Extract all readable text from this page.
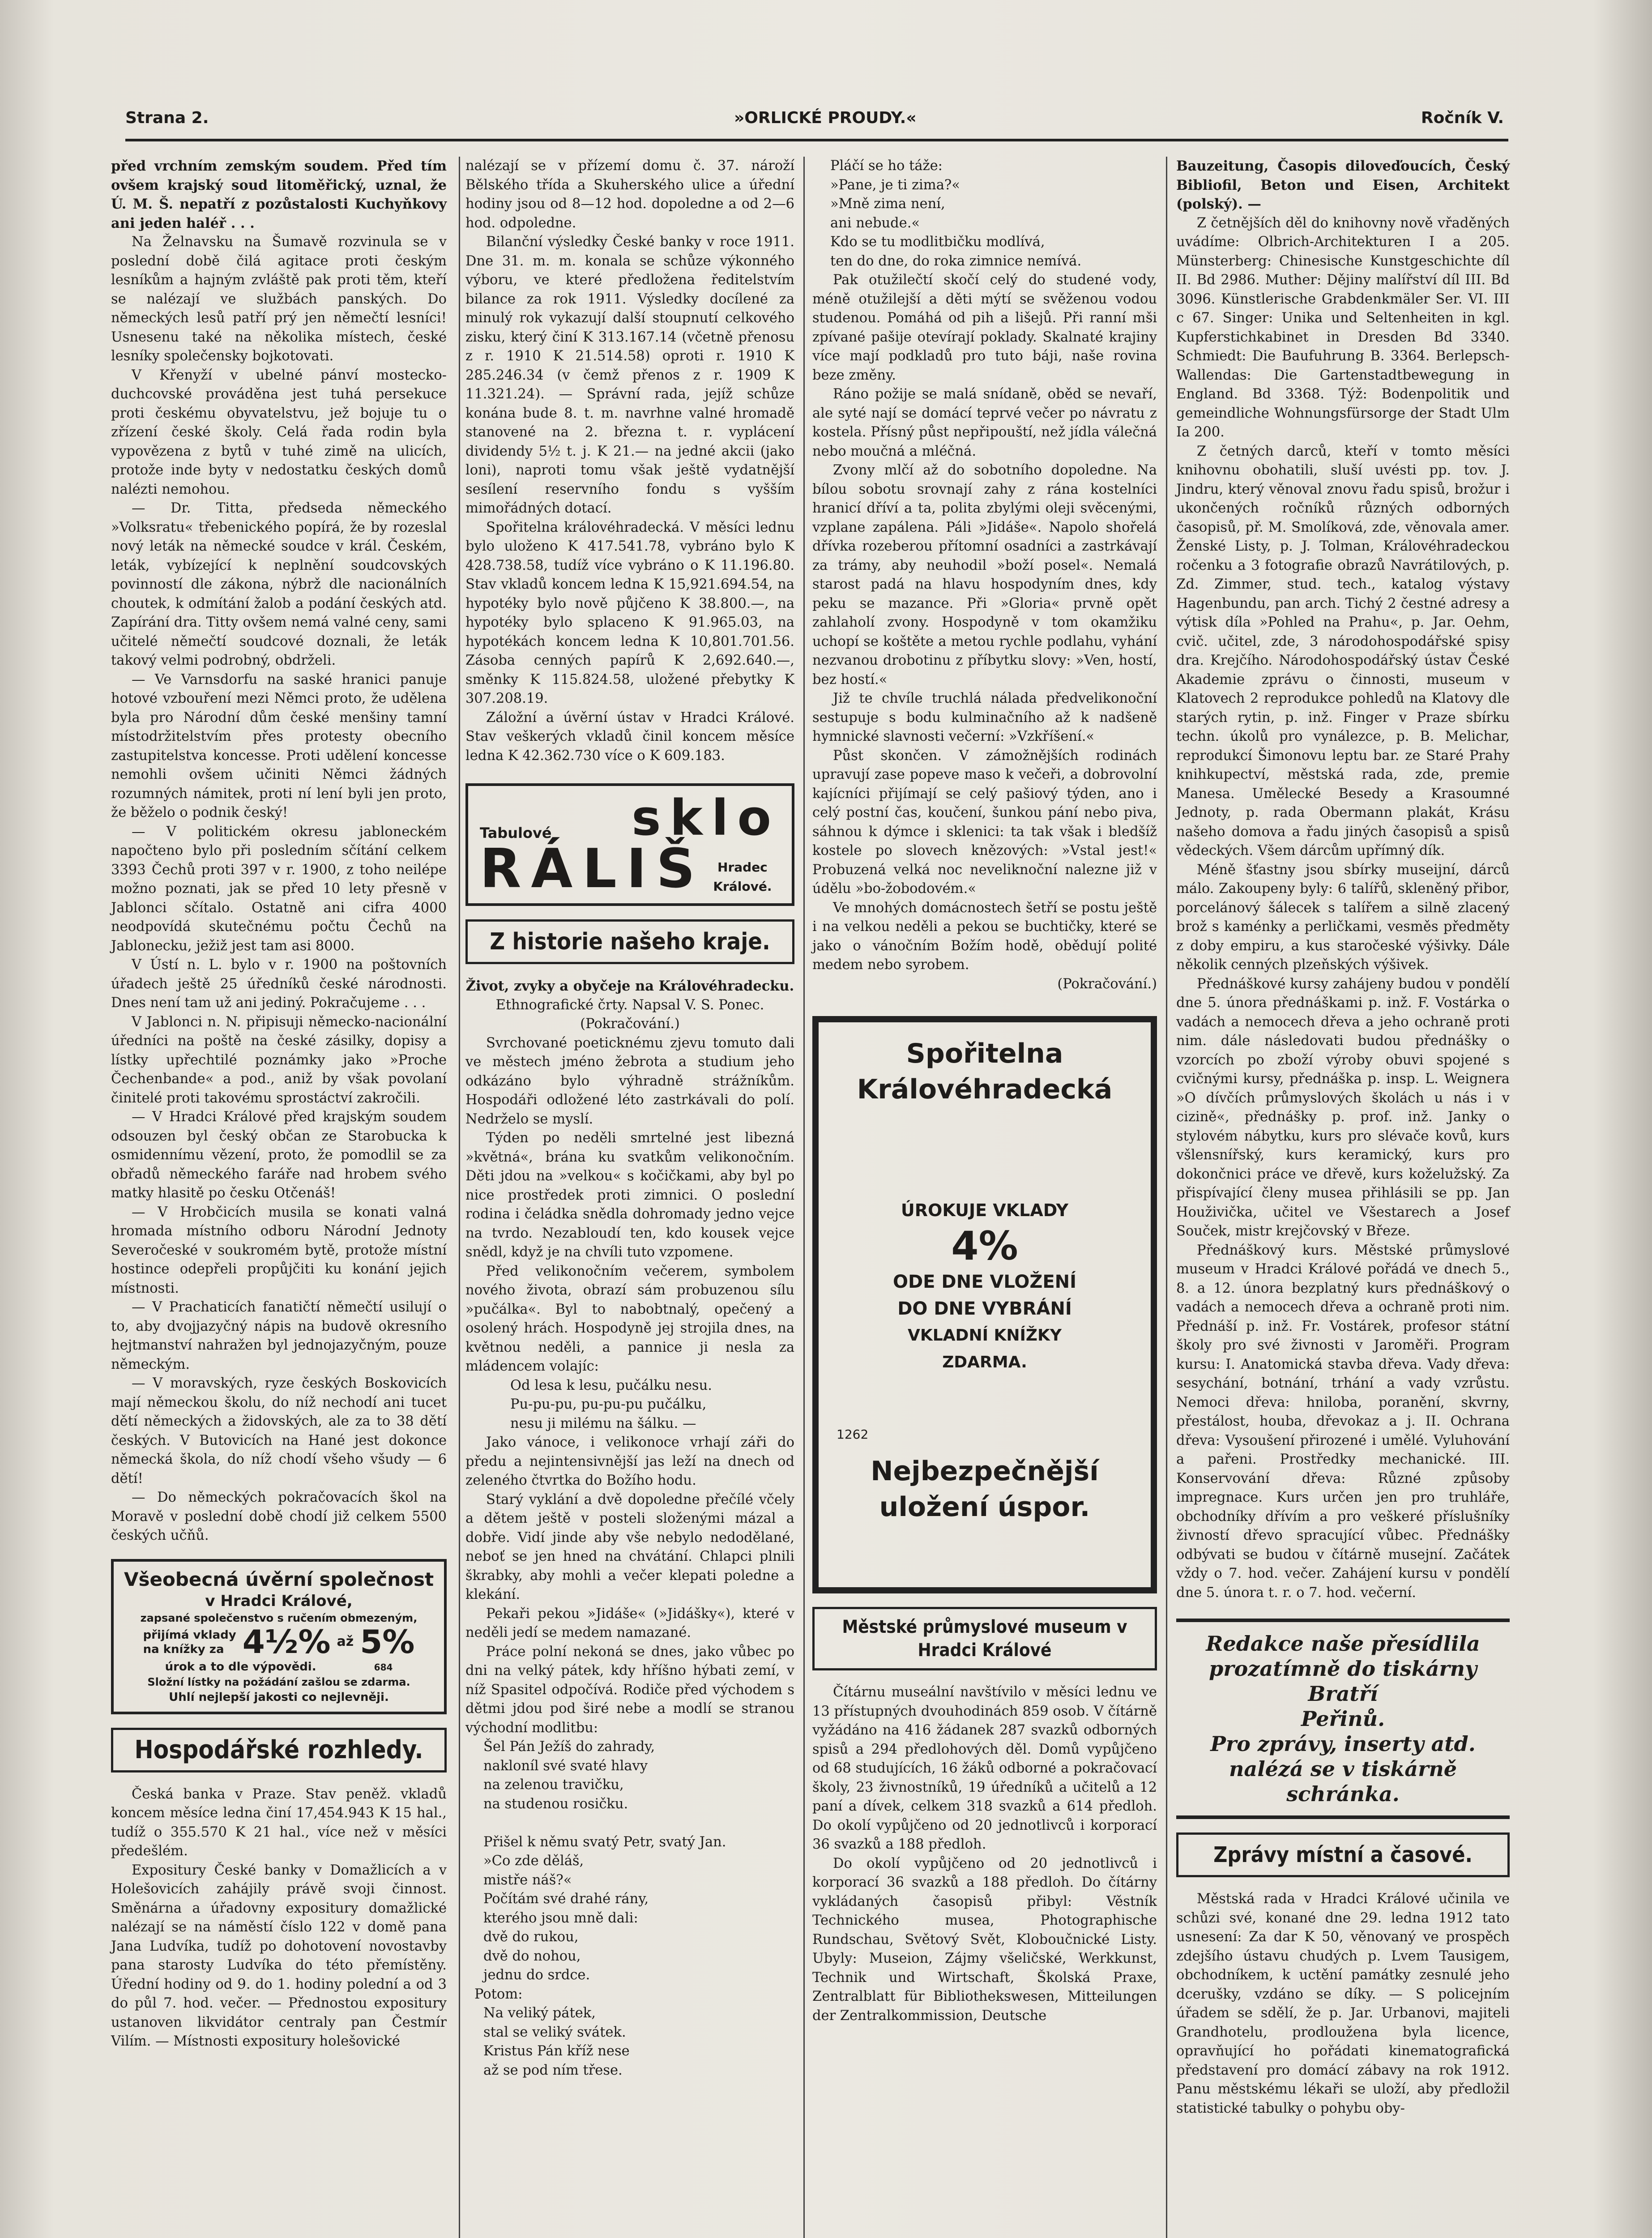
Strana 2.	»ORLICKÉ PROUDY.«	Ročník V.

před vrchním zemským soudem. Před tím ovšem krajský soud litoměřický, uznal, že Ú. M. Š. nepatří z pozůstalosti Kuchyňkovy ani jeden haléř . . .

Na Želnavsku na Šumavě rozvinula se v poslední době čilá agitace proti českým lesníkům a hajným zvláště pak proti těm, kteří se nalézají ve službách panských. Do německých lesů patří prý jen němečtí lesníci! Usnesenu také na několika místech, české lesníky společensky bojkotovati.

V Křenyží v ubelné pánví mostecko-duchcovské prováděna jest tuhá persekuce proti českému obyvatelstvu, jež bojuje tu o zřízení české školy. Celá řada rodin byla vypovězena z bytů v tuhé zimě na ulicích, protože inde byty v nedostatku českých domů nalézti nemohou.

— Dr. Titta, předseda německého »Volksratu« třebenického popírá, že by rozeslal nový leták na německé soudce v král. Českém, leták, vybízející k neplnění soudcovských povinností dle zákona, nýbrž dle nacionálních choutek, k odmítání žalob a podání českých atd. Zapírání dra. Titty ovšem nemá valné ceny, sami učitelé němečtí soudcové doznali, že leták takový velmi podrobný, obdrželi.

— Ve Varnsdorfu na saské hranici panuje hotové vzbouření mezi Němci proto, že udělena byla pro Národní dům české menšiny tamní místodržitelstvím přes protesty obecního zastupitelstva koncesse. Proti udělení koncesse nemohli ovšem učiniti Němci žádných rozumných námitek, proti ní lení byli jen proto, že běželo o podnik český!

— V politickém okresu jabloneckém napočteno bylo při posledním sčítání celkem 3393 Čechů proti 397 v r. 1900, z toho neilépe možno poznati, jak se před 10 lety přesně v Jablonci sčítalo. Ostatně ani cifra 4000 neodpovídá skutečnému počtu Čechů na Jablonecku, ježiž jest tam asi 8000.

V Ústí n. L. bylo v r. 1900 na poštovních úřadech ještě 25 úředníků české národnosti. Dnes není tam už ani jediný. Pokračujeme . . .

V Jablonci n. N. připisuji německo-nacionální úředníci na poště na české zásilky, dopisy a lístky upřechtilé poznámky jako »Proche Čechenbande« a pod., aniž by však povolaní činitelé proti takovému sprostáctví zakročili.

— V Hradci Králové před krajským soudem odsouzen byl český občan ze Starobucka k osmidennímu vězení, proto, že pomodlil se za obřadů německého faráře nad hrobem svého matky hlasitě po česku Otčenáš!

— V Hrobčicích musila se konati valná hromada místního odboru Národní Jednoty Severočeské v soukromém bytě, protože místní hostince odepřeli propůjčiti ku konání jejich místnosti.

— V Prachaticích fanatičtí němečtí usilují o to, aby dvojjazyčný nápis na budově okresního hejtmanství nahražen byl jednojazyčným, pouze německým.

— V moravských, ryze českých Boskovicích mají německou školu, do níž nechodí ani tucet dětí německých a židovských, ale za to 38 dětí českých. V Butovicích na Hané jest dokonce německá škola, do níž chodí všeho všudy — 6 dětí!

— Do německých pokračovacích škol na Moravě v poslední době chodí již celkem 5500 českých učňů.

Všeobecná úvěrní společnost
v Hradci Králové,
zapsané společenstvo s ručením obmezeným,
přijímá vklady
na knížky za 4½% až 5%
úrok a to dle výpovědi.	684
Složní lístky na požádání zašlou se zdarma.
Uhlí nejlepší jakosti co nejlevněji.
Hospodářské rozhledy.

Česká banka v Praze. Stav peněž. vkladů koncem měsíce ledna činí 17,454.943 K 15 hal., tudíž o 355.570 K 21 hal., více než v měsíci předešlém.

Expositury České banky v Domažlicích a v Holešovicích zahájily právě svoji činnost. Směnárna a úřadovny expositury domažlické nalézají se na náměstí číslo 122 v domě pana Jana Ludvíka, tudíž po dohotovení novostavby pana starosty Ludvíka do této přemístěny. Úřední hodiny od 9. do 1. hodiny polední a od 3 do půl 7. hod. večer. — Přednostou expositury ustanoven likvidátor centraly pan Čestmír Vilím. — Místnosti expositury holešovické

nalézají se v přízemí domu č. 37. nároží Bělského třída a Skuherského ulice a úřední hodiny jsou od 8—12 hod. dopoledne a od 2—6 hod. odpoledne.

Bilanční výsledky České banky v roce 1911. Dne 31. m. m. konala se schůze výkonného výboru, ve které předložena ředitelstvím bilance za rok 1911. Výsledky docílené za minulý rok vykazují další stoupnutí celkového zisku, který činí K 313.167.14 (včetně přenosu z r. 1910 K 21.514.58) oproti r. 1910 K 285.246.34 (v čemž přenos z r. 1909 K 11.321.24). — Správní rada, jejíž schůze konána bude 8. t. m. navrhne valné hromadě stanovené na 2. března t. r. vyplácení dividendy 5½ t. j. K 21.— na jedné akcii (jako loni), naproti tomu však ještě vydatnější sesílení reservního fondu s vyšším mimořádných dotací.

Spořitelna královéhradecká. V měsíci lednu bylo uloženo K 417.541.78, vybráno bylo K 428.738.58, tudíž více vybráno o K 11.196.80. Stav vkladů koncem ledna K 15,921.694.54, na hypotéky bylo nově půjčeno K 38.800.—, na hypotéky bylo splaceno K 91.965.03, na hypotékách koncem ledna K 10,801.701.56. Zásoba cenných papírů K 2,692.640.—, směnky K 115.824.58, uložené přebytky K 307.208.19.

Záložní a úvěrní ústav v Hradci Králové. Stav veškerých vkladů činil koncem měsíce ledna K 42.362.730 více o K 609.183.

Tabulové sklo
RÁLIŠ	Hradec Králové.
Z historie našeho kraje.

Život, zvyky a obyčeje na Královéhradecku.

Ethnografické črty. Napsal V. S. Ponec.

(Pokračování.)

Svrchované poeticknému zjevu tomuto dali ve městech jméno žebrota a studium jeho odkázáno bylo výhradně strážníkům. Hospodáři odložené léto zastrkávali do polí. Nedrželo se myslí.

Týden po neděli smrtelné jest libezná »květná«, brána ku svatkům velikonočním. Děti jdou na »velkou« s kočičkami, aby byl po nice prostředek proti zimnici. O poslední rodina i čeládka snědla dohromady jedno vejce na tvrdo. Nezabloudí ten, kdo kousek vejce snědl, když je na chvíli tuto vzpomene.

Před velikonočním večerem, symbolem nového života, obrazí sám probuzenou sílu »pučálka«. Byl to nabobtnalý, opečený a osolený hrách. Hospodyně jej strojila dnes, na květnou neděli, a pannice ji nesla za mládencem volajíc:

Od lesa k lesu, pučálku nesu.
Pu-pu-pu, pu-pu-pu pučálku,
nesu ji milému na šálku. —

Jako vánoce, i velikonoce vrhají záři do předu a nejintensivnější jas leží na dnech od zeleného čtvrtka do Božího hodu.

Starý vyklání a dvě dopoledne přečílé včely a dětem ještě v posteli složenými mázal a dobře. Vidí jinde aby vše nebylo nedodělané, neboť se jen hned na chvátání. Chlapci plnili škrabky, aby mohli a večer klepati poledne a klekání.

Pekaři pekou »Jidáše« (»Jidášky«), které v neděli jedí se medem namazané.

Práce polní nekoná se dnes, jako vůbec po dni na velký pátek, kdy hříšno hýbati zemí, v níž Spasitel odpočívá. Rodiče před východem s dětmi jdou pod širé nebe a modlí se stranou východní modlitbu:

Šel Pán Ježíš do zahrady,
nakloníl své svaté hlavy
na zelenou travičku,
na studenou rosičku.

Přišel k němu svatý Petr, svatý Jan.
»Co zde děláš,
mistře náš?«
Počítám své drahé rány,
kterého jsou mně dali:
dvě do rukou,
dvě do nohou,
jednu do srdce.

Potom:

Na veliký pátek,
stal se veliký svátek.
Kristus Pán kříž nese
až se pod ním třese.

Pláčí se ho táže:
»Pane, je ti zima?«
»Mně zima není,
ani nebude.«

Kdo se tu modlitbičku modlívá,
ten do dne, do roka zimnice nemívá.

Pak otužilečtí skočí celý do studené vody, méně otužilejší a děti mýtí se svěženou vodou studenou. Pomáhá od pih a lišejů. Při ranní mši zpívané pašije otevírají poklady. Skalnaté krajiny více mají podkladů pro tuto báji, naše rovina beze změny.

Ráno požije se malá snídaně, oběd se nevaří, ale syté nají se domácí teprvé večer po návratu z kostela. Přísný půst nepřipouští, než jídla válečná nebo moučná a mléčná.

Zvony mlčí až do sobotního dopoledne. Na bílou sobotu srovnají zahy z rána kostelníci hranicí dříví a ta, polita zbylými oleji svěcenými, vzplane zapálena. Páli »Jidáše«. Napolo shořelá dřívka rozeberou přítomní osadníci a zastrkávají za trámy, aby neuhodil »boží posel«. Nemalá starost padá na hlavu hospodyním dnes, kdy peku se mazance. Při »Gloria« prvně opět zahlaholí zvony. Hospodyně v tom okamžiku uchopí se koštěte a metou rychle podlahu, vyhání nezvanou drobotinu z příbytku slovy: »Ven, hostí, bez hostí.«

Již te chvíle truchlá nálada předvelikonoční sestupuje s bodu kulminačního až k nadšeně hymnické slavnosti večerní: »Vzkříšení.«

Půst skončen. V zámožnějších rodinách upravují zase popeve maso k večeři, a dobrovolní kajícníci přijímají se celý pašiový týden, ano i celý postní čas, koučení, šunkou pání nebo piva, sáhnou k dýmce i sklenici: ta tak však i bledšíž kostele po slovech knězových: »Vstal jest!« Probuzená velká noc neveliknoční nalezne již v údělu »bo-žobodovém.«

Ve mnohých domácnostech šetří se postu ještě i na velkou neděli a pekou se buchtičky, které se jako o vánočním Božím hodě, obědují polité medem nebo syrobem.

(Pokračování.)

Spořitelna
Královéhradecká
ÚROKUJE VKLADY
4%
ODE DNE VLOŽENÍ
DO DNE VYBRÁNÍ
VKLADNÍ KNÍŽKY
ZDARMA.
1262
Nejbezpečnější
uložení úspor.
Městské průmyslové museum v Hradci Králové

Čítárnu museální navštívilo v měsíci lednu ve 13 přístupných dvouhodinách 859 osob. V čítárně vyžádáno na 416 žádanek 287 svazků odborných spisů a 294 předlohových děl. Domů vypůjčeno od 68 studujících, 16 žáků odborné a pokračovací školy, 23 živnostníků, 19 úředníků a učitelů a 12 paní a dívek, celkem 318 svazků a 614 předloh. Do okolí vypůjčeno od 20 jednotlivců i korporací 36 svazků a 188 předloh.

Do okolí vypůjčeno od 20 jednotlivců i korporací 36 svazků a 188 předloh. Do čítárny vykládaných časopisů přibyl: Věstník Technického musea, Photographische Rundschau, Světový Svět, Kloboučnické Listy. Ubyly: Museion, Zájmy všeličské, Werkkunst, Technik und Wirtschaft, Školská Praxe, Zentralblatt für Bibliothekswesen, Mitteilungen der Zentralkommission, Deutsche

Bauzeitung, Časopis diloveďoucích, Český Bibliofil, Beton und Eisen, Architekt (polský). —

Z četnějších děl do knihovny nově vřaděných uvádíme: Olbrich-Architekturen I a 205. Münsterberg: Chinesische Kunstgeschichte díl II. Bd 2986. Muther: Dějiny malířství díl III. Bd 3096. Künstlerische Grabdenkmäler Ser. VI. III c 67. Singer: Unika und Seltenheiten in kgl. Kupferstichkabinet in Dresden Bd 3340. Schmiedt: Die Baufuhrung B. 3364. Berlepsch-Wallendas: Die Gartenstadtbewegung in England. Bd 3368. Týž: Bodenpolitik und gemeindliche Wohnungsfürsorge der Stadt Ulm Ia 200.

Z četných darců, kteří v tomto měsíci knihovnu obohatili, sluší uvésti pp. tov. J. Jindru, který věnoval znovu řadu spisů, brožur i ukončených ročníků různých odborných časopisů, př. M. Smolíková, zde, věnovala amer. Ženské Listy, p. J. Tolman, Královéhradeckou ročenku a 3 fotografie obrazů Navrátilových, p. Zd. Zimmer, stud. tech., katalog výstavy Hagenbundu, pan arch. Tichý 2 čestné adresy a výtisk díla »Pohled na Prahu«, p. Jar. Oehm, cvič. učitel, zde, 3 národohospodářské spisy dra. Krejčího. Národohospodářský ústav České Akademie zprávu o činnosti, museum v Klatovech 2 reprodukce pohledů na Klatovy dle starých rytin, p. inž. Finger v Praze sbírku techn. úkolů pro vynálezce, p. B. Melichar, reprodukcí Šimonovu leptu bar. ze Staré Prahy knihkupectví, městská rada, zde, premie Manesa. Umělecké Besedy a Krasoumné Jednoty, p. rada Obermann plakát, Krásu našeho domova a řadu jiných časopisů a spisů vědeckých. Všem dárcům upřímný dík.

Méně šťastny jsou sbírky museijní, dárců málo. Zakoupeny byly: 6 talířů, skleněný přibor, porcelánový šálecek s talířem a silně zlacený brož s kaménky a perličkami, vesměs předměty z doby empiru, a kus staročeské výšivky. Dále několik cenných plzeňských výšivek.

Přednáškové kursy zahájeny budou v pondělí dne 5. února přednáškami p. inž. F. Vostárka o vadách a nemocech dřeva a jeho ochraně proti nim. dále následovati budou přednášky o vzorcích po zboží výroby obuvi spojené s cvičnými kursy, přednáška p. insp. L. Weignera »O dívčích průmyslových školách u nás i v cizině«, přednášky p. prof. inž. Janky o stylovém nábytku, kurs pro slévače kovů, kurs všlensnířský, kurs keramický, kurs pro dokončnici práce ve dřevě, kurs koželužský. Za přispívající členy musea přihlásili se pp. Jan Houživička, učitel ve Všestarech a Josef Souček, mistr krejčovský v Březe.

Přednáškový kurs. Městské průmyslové museum v Hradci Králové pořádá ve dnech 5., 8. a 12. února bezplatný kurs přednáškový o vadách a nemocech dřeva a ochraně proti nim. Přednáší p. inž. Fr. Vostárek, profesor státní školy pro své živnosti v Jaroměři. Program kursu: I. Anatomická stavba dřeva. Vady dřeva: sesychání, botnání, trhání a vady vzrůstu. Nemoci dřeva: hniloba, poranění, skvrny, přestálost, houba, dřevokaz a j. II. Ochrana dřeva: Vysoušení přirozené i umělé. Vyluhování a pařeni. Prostředky mechanické. III. Konservování dřeva: Různé způsoby impregnace. Kurs určen jen pro truhláře, obchodníky dřívím a pro veškeré příslušníky živností dřevo spracující vůbec. Přednášky odbývati se budou v čítárně musejní. Začátek vždy o 7. hod. večer. Zahájení kursu v pondělí dne 5. února t. r. o 7. hod. večerní.

Redakce naše přesídlila
prozatímně do tiskárny Bratří
Peřinů.
Pro zprávy, inserty atd.
nalézá se v tiskárně schránka.
Zprávy místní a časové.

Městská rada v Hradci Králové učinila ve schůzi své, konané dne 29. ledna 1912 tato usnesení: Za dar K 50, věnovaný ve prospěch zdejšího ústavu chudých p. Lvem Tausigem, obchodníkem, k uctění památky zesnulé jeho dcerušky, vzdáno se díky. — S policejním úřadem se sdělí, že p. Jar. Urbanovi, majiteli Grandhotelu, prodloužena byla licence, opravňující ho pořádati kinematografická představení pro domácí zábavy na rok 1912. Panu městskému lékaři se uloží, aby předložil statistické tabulky o pohybu oby-
